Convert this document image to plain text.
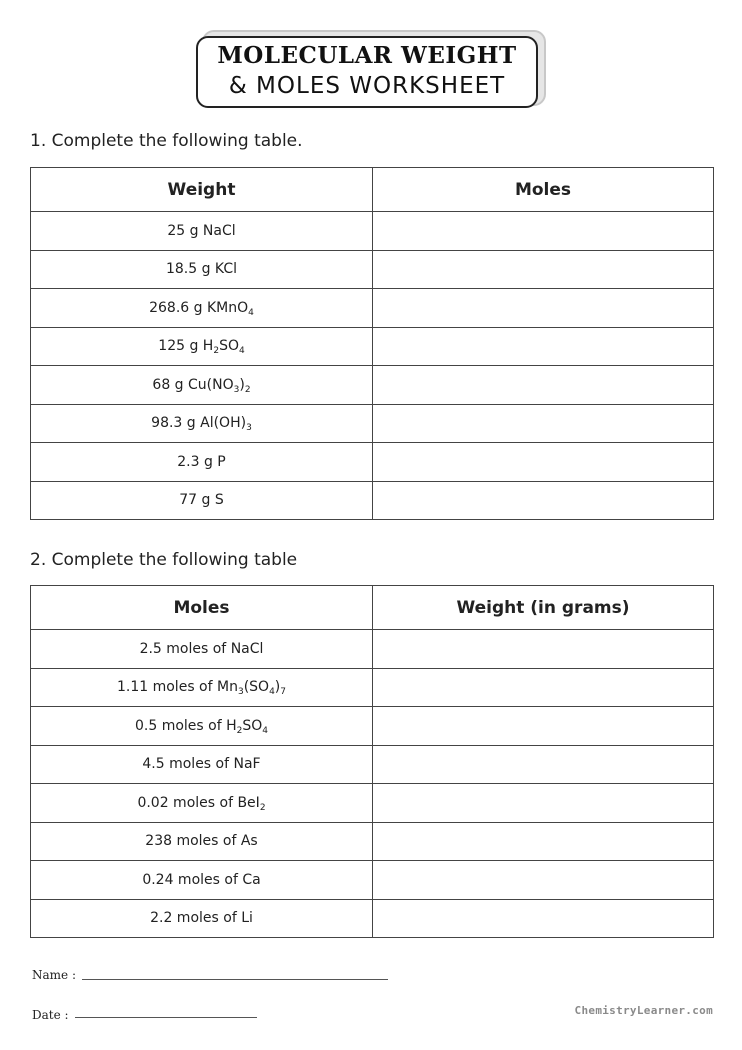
MOLECULAR WEIGHT
& MOLES WORKSHEET
1. Complete the following table.
Weight	Moles
25 g NaCl	
18.5 g KCl	
268.6 g KMnO$_4$	
125 g $H_2SO_4$	
68 g $Cu(NO_3)_2$	
98.3 g $Al(OH)_3$	
2.3 g P	
77 g S	
2. Complete the following table
Moles	Weight (in grams)
2.5 moles of NaCl	
1.11 moles of $Mn_3(SO_4)_7$	
0.5 moles of $H_2SO_4$	
4.5 moles of NaF	
0.02 moles of BeI$_2$	
238 moles of As	
0.24 moles of Ca	
2.2 moles of Li	
Name :
Date :	ChemistryLearner.com
